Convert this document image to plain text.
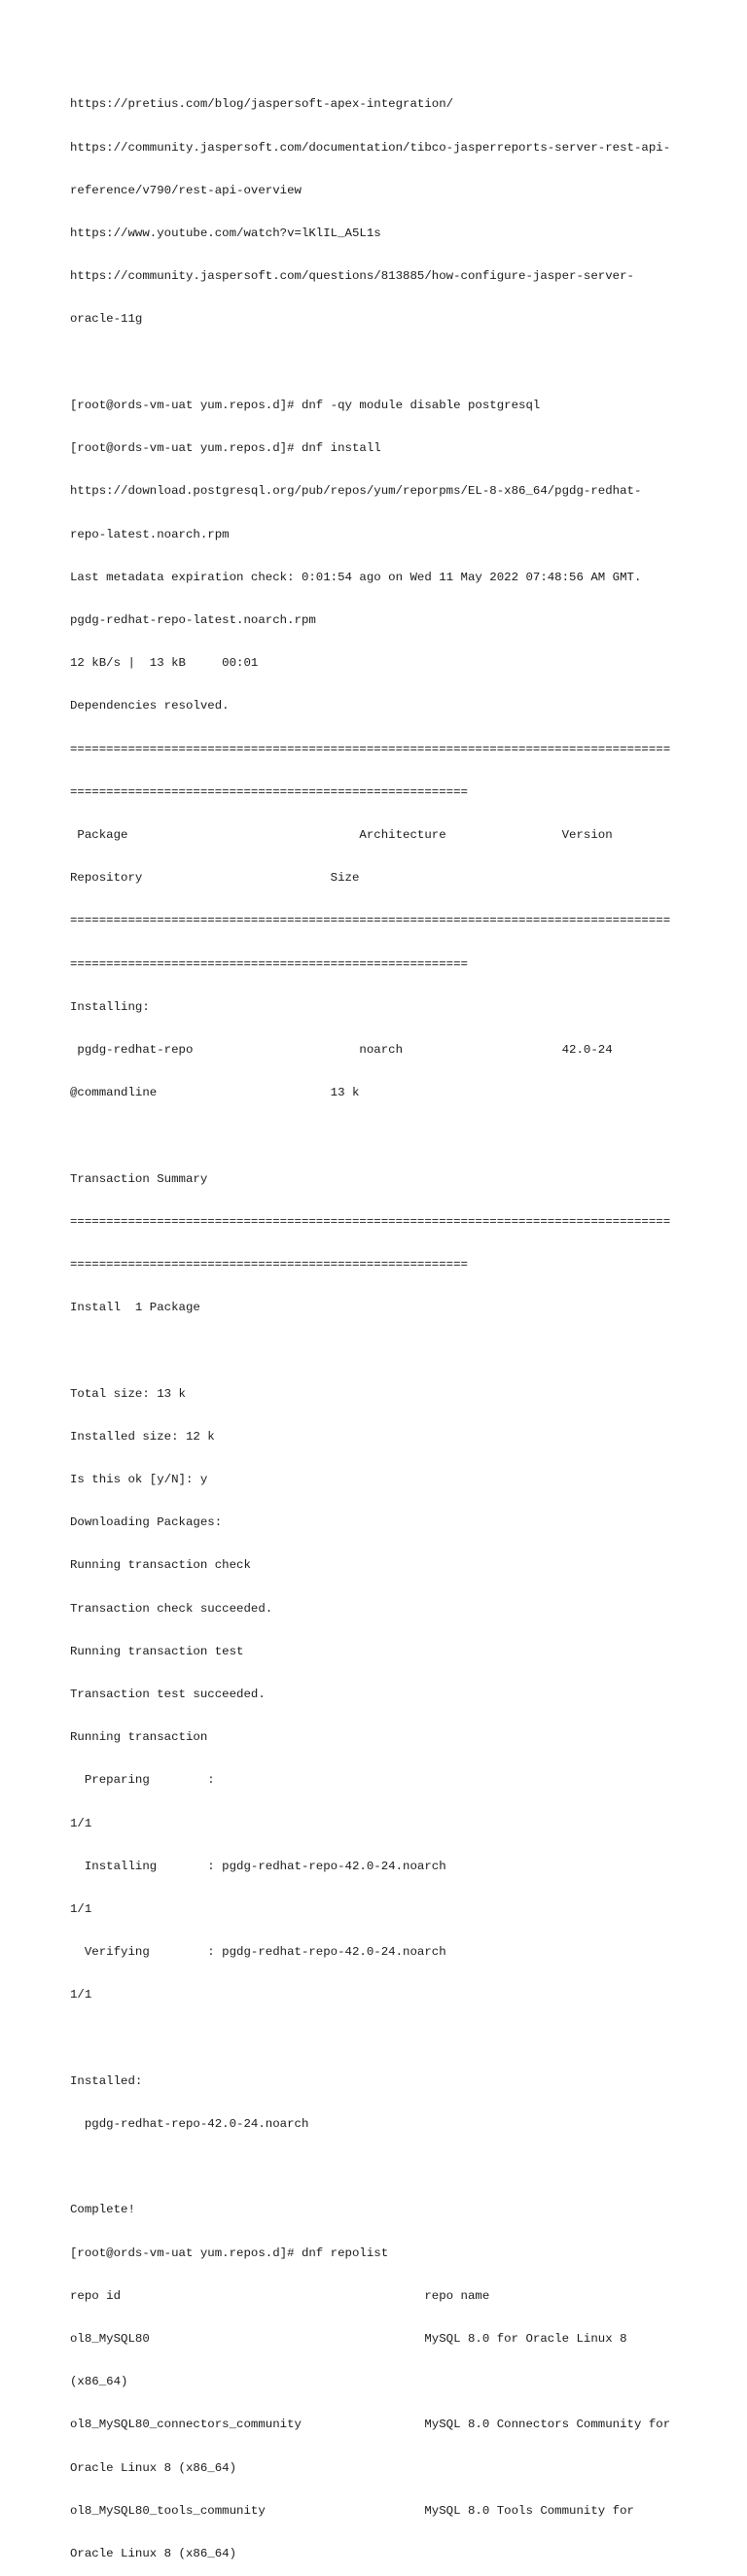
https://pretius.com/blog/jaspersoft-apex-integration/

https://community.jaspersoft.com/documentation/tibco-jasperreports-server-rest-api-

reference/v790/rest-api-overview

https://www.youtube.com/watch?v=lKlIL_A5L1s

https://community.jaspersoft.com/questions/813885/how-configure-jasper-server-

oracle-11g

[root@ords-vm-uat yum.repos.d]# dnf -qy module disable postgresql

[root@ords-vm-uat yum.repos.d]# dnf install

https://download.postgresql.org/pub/repos/yum/reporpms/EL-8-x86_64/pgdg-redhat-

repo-latest.noarch.rpm

Last metadata expiration check: 0:01:54 ago on Wed 11 May 2022 07:48:56 AM GMT.

pgdg-redhat-repo-latest.noarch.rpm

12 kB/s |  13 kB     00:01

Dependencies resolved.

===================================================================================

=======================================================

Package                                Architecture                Version

Repository                          Size

===================================================================================

=======================================================

Installing:

pgdg-redhat-repo                       noarch                      42.0-24

@commandline                        13 k

Transaction Summary

===================================================================================

=======================================================

Install  1 Package

Total size: 13 k

Installed size: 12 k

Is this ok [y/N]: y

Downloading Packages:

Running transaction check

Transaction check succeeded.

Running transaction test

Transaction test succeeded.

Running transaction

Preparing        :

1/1

Installing       : pgdg-redhat-repo-42.0-24.noarch

1/1

Verifying        : pgdg-redhat-repo-42.0-24.noarch

1/1

Installed:

pgdg-redhat-repo-42.0-24.noarch

Complete!

[root@ords-vm-uat yum.repos.d]# dnf repolist

repo id                                          repo name

ol8_MySQL80                                      MySQL 8.0 for Oracle Linux 8

(x86_64)

ol8_MySQL80_connectors_community                 MySQL 8.0 Connectors Community for

Oracle Linux 8 (x86_64)

ol8_MySQL80_tools_community                      MySQL 8.0 Tools Community for

Oracle Linux 8 (x86_64)
